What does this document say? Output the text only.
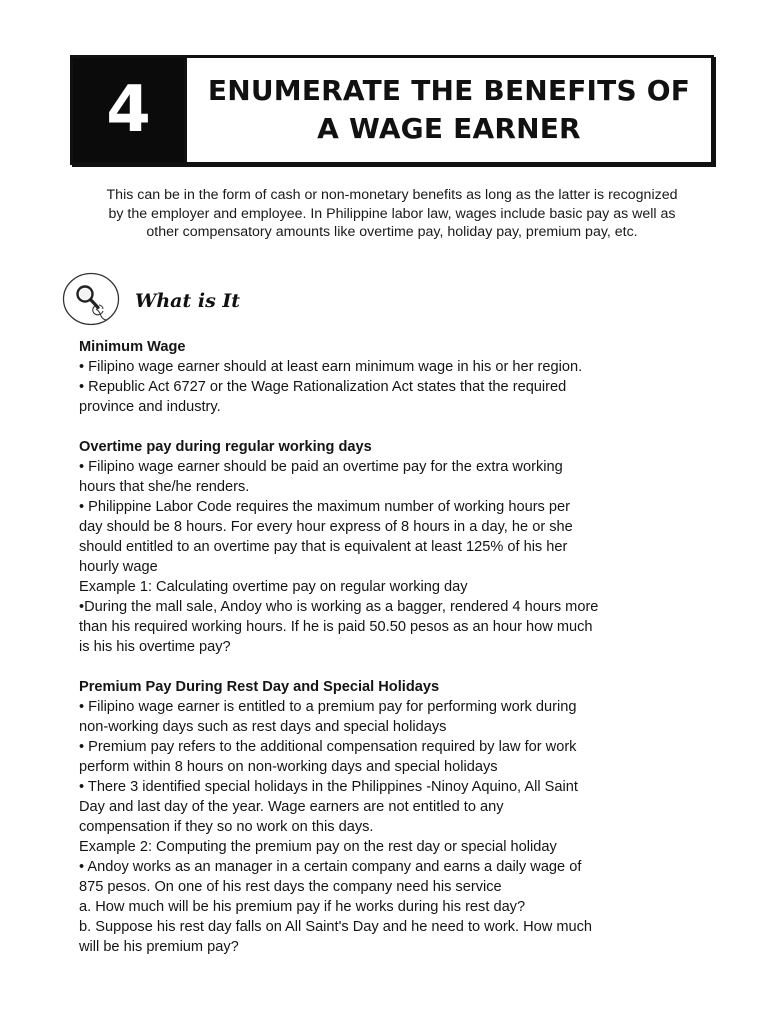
4 ENUMERATE THE BENEFITS OF
A WAGE EARNER
This can be in the form of cash or non-monetary benefits as long as the latter is recognized
by the employer and employee. In Philippine labor law, wages include basic pay as well as
other compensatory amounts like overtime pay, holiday pay, premium pay, etc.
What is It

Minimum Wage

• Filipino wage earner should at least earn minimum wage in his or her region.

• Republic Act 6727 or the Wage Rationalization Act states that the required

province and industry.

Overtime pay during regular working days

• Filipino wage earner should be paid an overtime pay for the extra working

hours that she/he renders.

• Philippine Labor Code requires the maximum number of working hours per

day should be 8 hours. For every hour express of 8 hours in a day, he or she

should entitled to an overtime pay that is equivalent at least 125% of his her

hourly wage

Example 1: Calculating overtime pay on regular working day

•During the mall sale, Andoy who is working as a bagger, rendered 4 hours more

than his required working hours. If he is paid 50.50 pesos as an hour how much

is his his overtime pay?

Premium Pay During Rest Day and Special Holidays

• Filipino wage earner is entitled to a premium pay for performing work during

non-working days such as rest days and special holidays

• Premium pay refers to the additional compensation required by law for work

perform within 8 hours on non-working days and special holidays

• There 3 identified special holidays in the Philippines -Ninoy Aquino, All Saint

Day and last day of the year. Wage earners are not entitled to any

compensation if they so no work on this days.

Example 2: Computing the premium pay on the rest day or special holiday

• Andoy works as an manager in a certain company and earns a daily wage of

875 pesos. On one of his rest days the company need his service

a. How much will be his premium pay if he works during his rest day?

b. Suppose his rest day falls on All Saint's Day and he need to work. How much

will be his premium pay?
